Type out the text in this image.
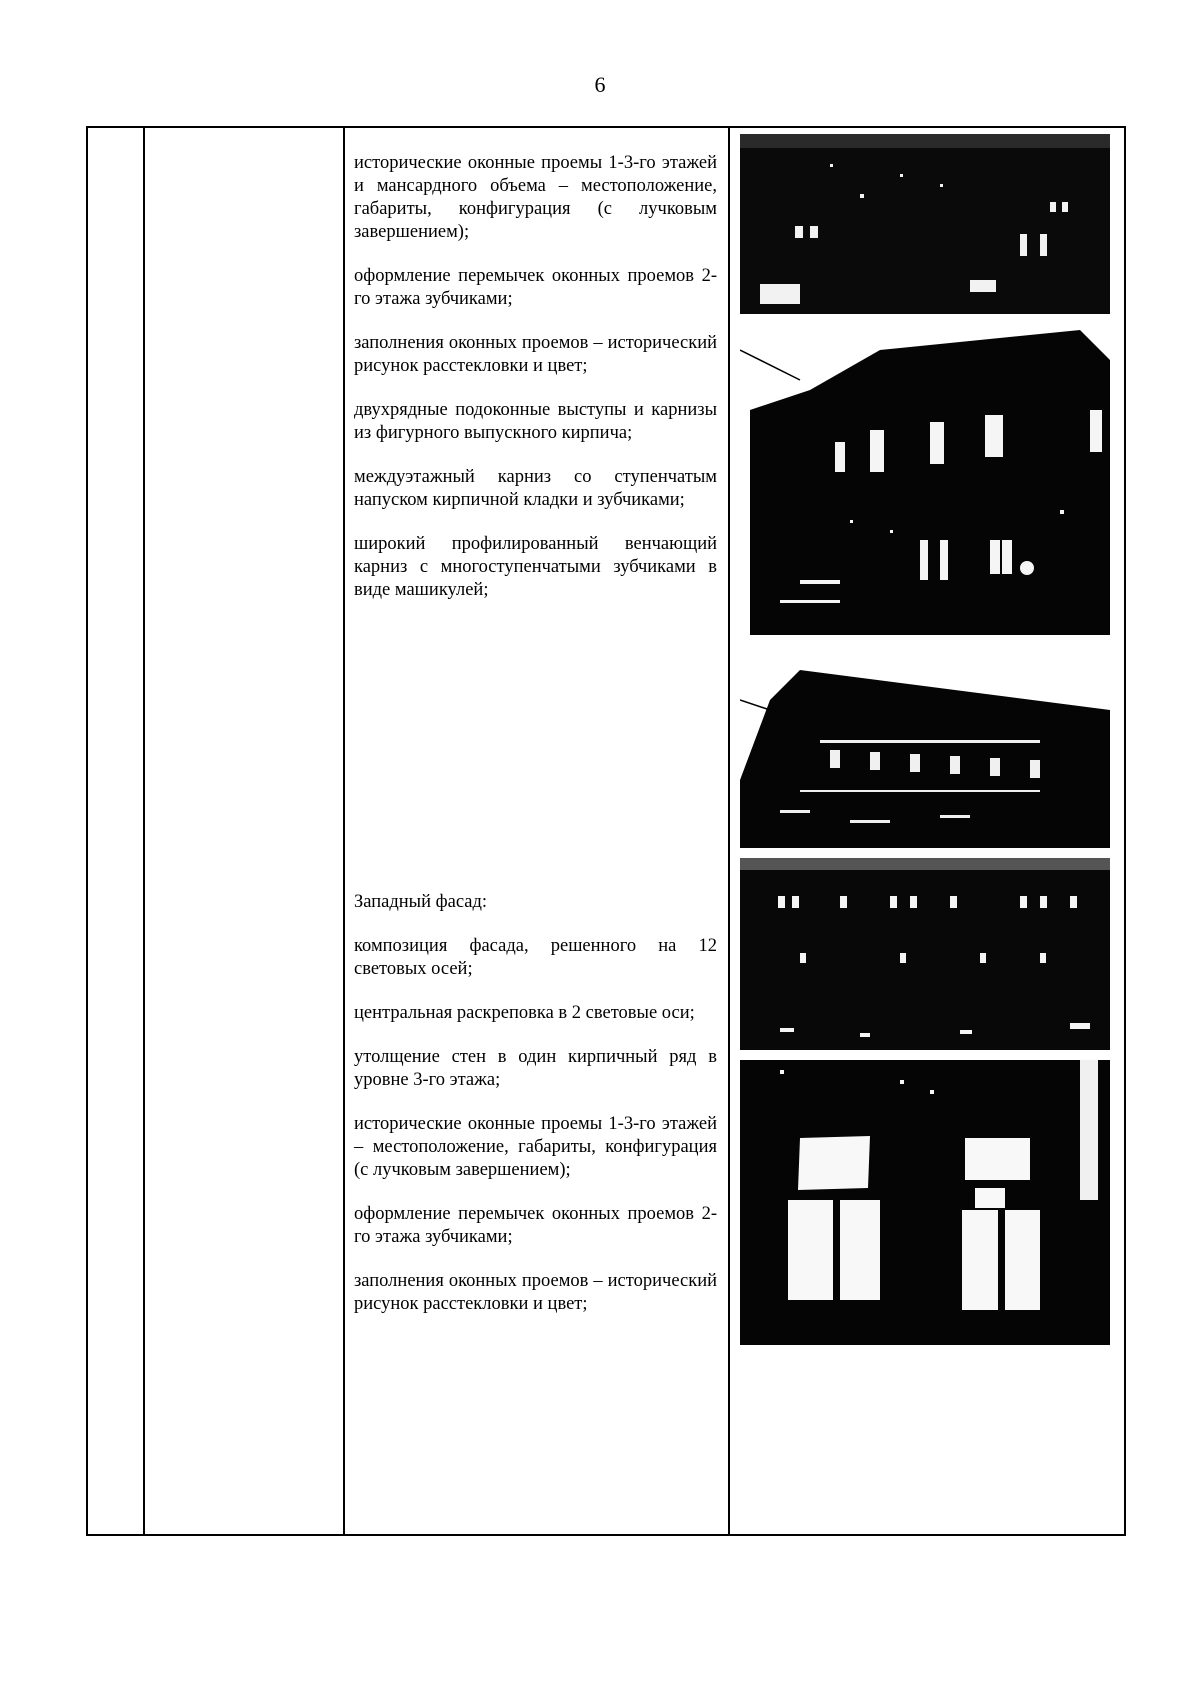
6

исторические оконные проемы 1-3-го этажей и мансардного объема – местоположение, габариты, конфигурация (с лучковым завершением);

оформление перемычек оконных проемов 2-го этажа зубчиками;

заполнения оконных проемов – исторический рисунок расстекловки и цвет;

двухрядные подоконные выступы и карнизы из фигурного выпускного кирпича;

междуэтажный карниз со ступенчатым напуском кирпичной кладки и зубчиками;

широкий профилированный венчающий карниз с многоступенчатыми зубчиками в виде машикулей;

Западный фасад:

композиция фасада, решенного на 12 световых осей;

центральная раскреповка в 2 световые оси;

утолщение стен в один кирпичный ряд в уровне 3-го этажа;

исторические оконные проемы 1-3-го этажей – местоположение, габариты, конфигурация (с лучковым завершением);

оформление перемычек оконных проемов 2-го этажа зубчиками;

заполнения оконных проемов – исторический рисунок расстекловки и цвет;
